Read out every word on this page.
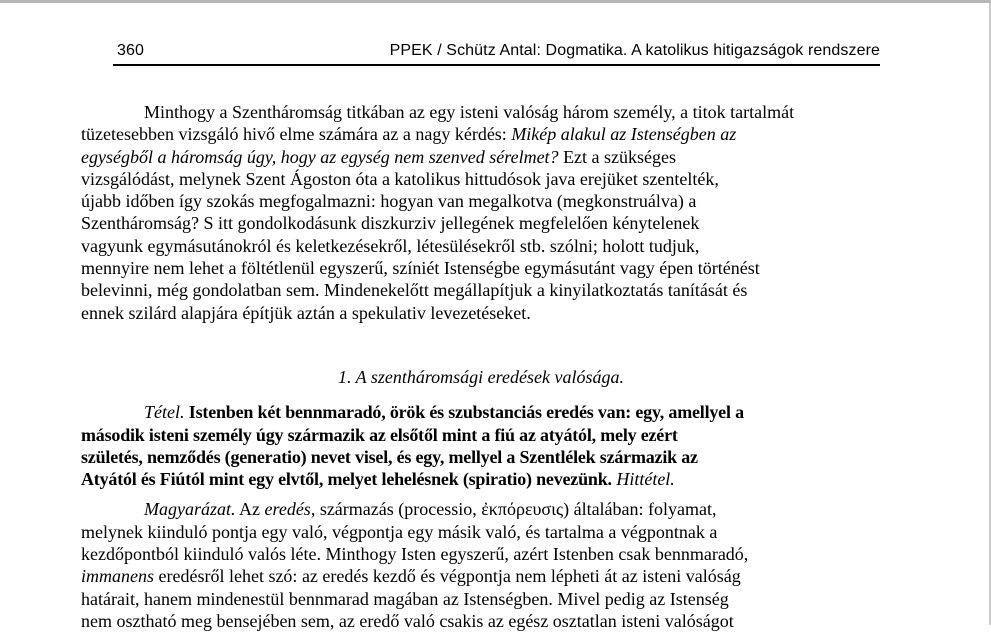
360	PPEK / Schütz Antal: Dogmatika. A katolikus hitigazságok rendszere
Minthogy a Szentháromság titkában az egy isteni valóság három személy, a titok tartalmát
tüzetesebben vizsgáló hivő elme számára az a nagy kérdés: Mikép alakul az Istenségben az
egységből a háromság úgy, hogy az egység nem szenved sérelmet? Ezt a szükséges
vizsgálódást, melynek Szent Ágoston óta a katolikus hittudósok java erejüket szentelték,
újabb időben így szokás megfogalmazni: hogyan van megalkotva (megkonstruálva) a
Szentháromság? S itt gondolkodásunk diszkurziv jellegének megfelelően kénytelenek
vagyunk egymásutánokról és keletkezésekről, létesülésekről stb. szólni; holott tudjuk,
mennyire nem lehet a föltétlenül egyszerű, színiét Istenségbe egymásutánt vagy épen történést
belevinni, még gondolatban sem. Mindenekelőtt megállapítjuk a kinyilatkoztatás tanítását és
ennek szilárd alapjára építjük aztán a spekulativ levezetéseket.
1. A szentháromsági eredések valósága.
Tétel. Istenben két bennmaradó, örök és szubstanciás eredés van: egy, amellyel a
második isteni személy úgy származik az elsőtől mint a fiú az atyától, mely ezért
születés, nemződés (generatio) nevet visel, és egy, mellyel a Szentlélek származik az
Atyától és Fiútól mint egy elvtől, melyet lehelésnek (spiratio) nevezünk. Hittétel.
Magyarázat. Az eredés, származás (processio, ἐκπόρευσις) általában: folyamat,
melynek kiinduló pontja egy való, végpontja egy másik való, és tartalma a végpontnak a
kezdőpontból kiinduló valós léte. Minthogy Isten egyszerű, azért Istenben csak bennmaradó,
immanens eredésről lehet szó: az eredés kezdő és végpontja nem lépheti át az isteni valóság
határait, hanem mindenestül bennmarad magában az Istenségben. Mivel pedig az Istenség
nem osztható meg bensejében sem, az eredő való csakis az egész osztatlan isteni valóságot
